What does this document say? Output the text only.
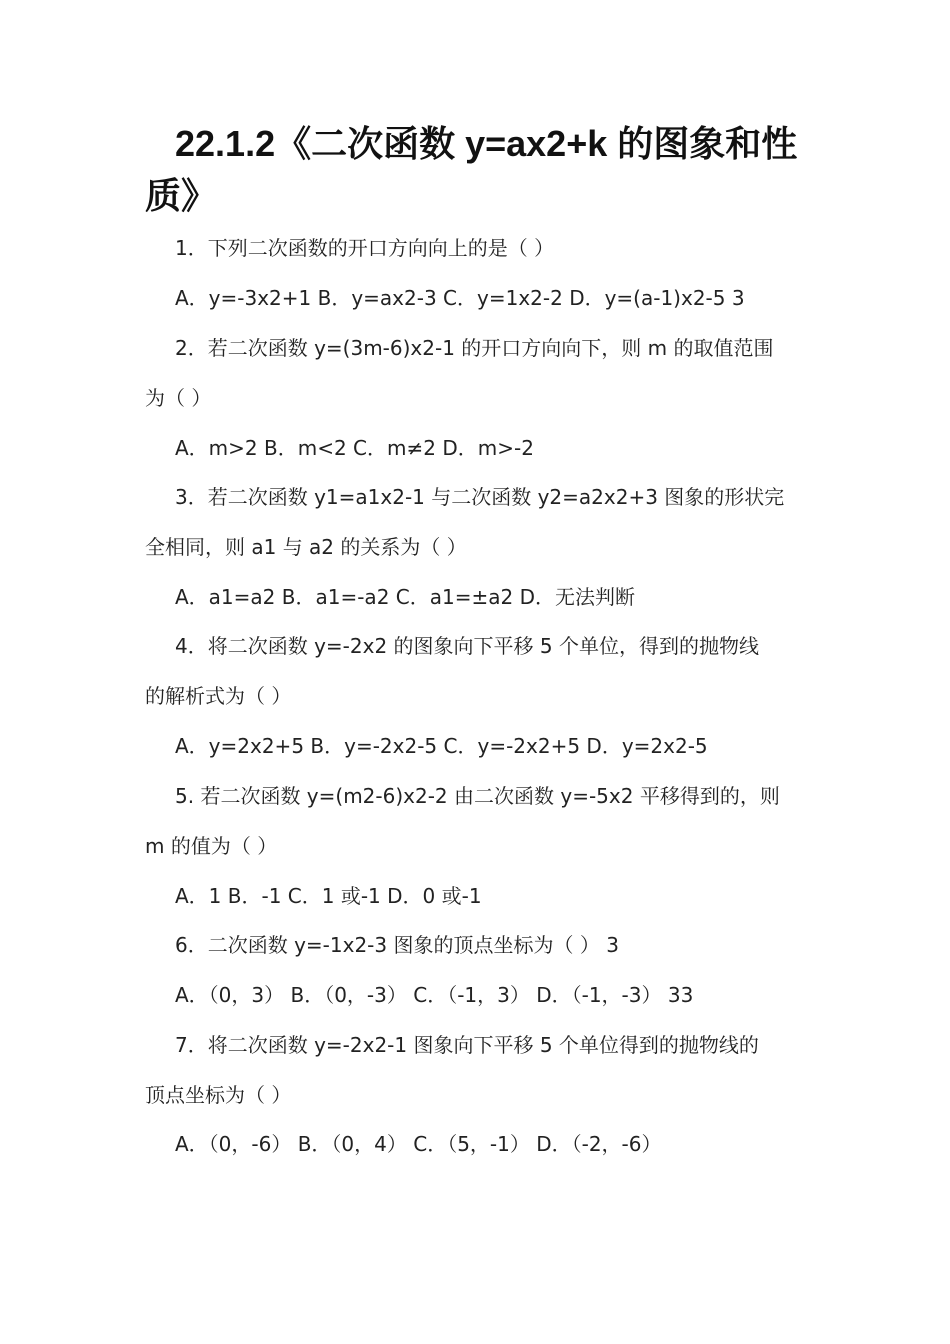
22.1.2《二次函数 y=ax2+k 的图象和性质》
1．下列二次函数的开口方向向上的是（ ）
A．y=-3x2+1 B．y=ax2-3 C．y=1x2-2 D．y=(a-1)x2-5 3
2．若二次函数 y=(3m-6)x2-1 的开口方向向下，则 m 的取值范围
为（ ）
A．m>2 B．m<2 C．m≠2 D．m>-2
3．若二次函数 y1=a1x2-1 与二次函数 y2=a2x2+3 图象的形状完
全相同，则 a1 与 a2 的关系为（ ）
A．a1=a2 B．a1=-a2 C．a1=±a2 D．无法判断
4．将二次函数 y=-2x2 的图象向下平移 5 个单位，得到的抛物线
的解析式为（ ）
A．y=2x2+5 B．y=-2x2-5 C．y=-2x2+5 D．y=2x2-5
5. 若二次函数 y=(m2-6)x2-2 由二次函数 y=-5x2 平移得到的，则
m 的值为（ ）
A．1 B．-1 C．1 或-1 D．0 或-1
6．二次函数 y=-1x2-3 图象的顶点坐标为（ ） 3
A．（0，3） B．（0，-3） C．（-1，3） D．（-1，-3） 33
7．将二次函数 y=-2x2-1 图象向下平移 5 个单位得到的抛物线的
顶点坐标为（ ）
A．（0，-6） B．（0，4） C．（5，-1） D．（-2，-6）
